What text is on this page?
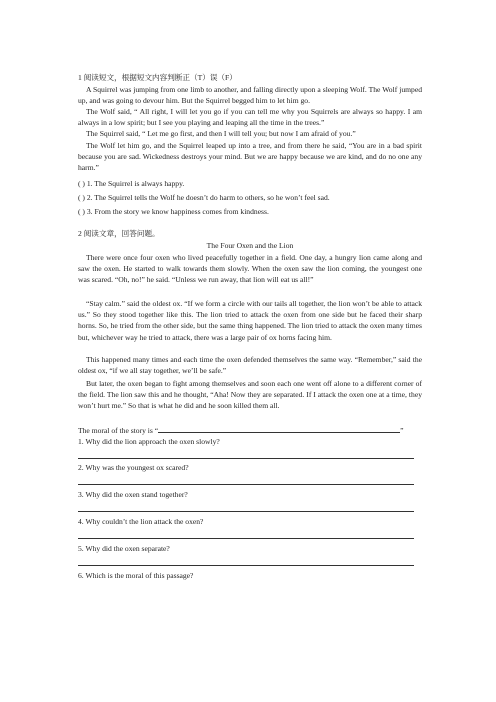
1 阅读短文，根据短文内容判断正（T）误（F）
A Squirrel was jumping from one limb to another, and falling directly upon a sleeping Wolf. The Wolf jumped up, and was going to devour him. But the Squirrel begged him to let him go.
The Wolf said, “ All right, I will let you go if you can tell me why you Squirrels are always so happy. I am always in a low spirit; but I see you playing and leaping all the time in the trees.”
The Squirrel said, “ Let me go first, and then I will tell you; but now I am afraid of you.”
The Wolf let him go, and the Squirrel leaped up into a tree, and from there he said, “You are in a bad spirit because you are sad. Wickedness destroys your mind. But we are happy because we are kind, and do no one any harm.”
( ) 1. The Squirrel is always happy.
( ) 2. The Squirrel tells the Wolf he doesn’t do harm to others, so he won’t feel sad.
( ) 3. From the story we know happiness comes from kindness.
2 阅读文章，回答问题。
The Four Oxen and the Lion
There were once four oxen who lived peacefully together in a field. One day, a hungry lion came along and saw the oxen. He started to walk towards them slowly. When the oxen saw the lion coming, the youngest one was scared. “Oh, no!” he said. “Unless we run away, that lion will eat us all!”
“Stay calm.” said the oldest ox. “If we form a circle with our tails all together, the lion won’t be able to attack us.” So they stood together like this. The lion tried to attack the oxen from one side but he faced their sharp horns. So, he tried from the other side, but the same thing happened. The lion tried to attack the oxen many times but, whichever way he tried to attack, there was a large pair of ox horns facing him.
This happened many times and each time the oxen defended themselves the same way. “Remember,” said the oldest ox, “if we all stay together, we’ll be safe.”
But later, the oxen began to fight among themselves and soon each one went off alone to a different corner of the field. The lion saw this and he thought, “Aha! Now they are separated. If I attack the oxen one at a time, they won’t hurt me.” So that is what he did and he soon killed them all.
The moral of the story is “	”
1. Why did the lion approach the oxen slowly?
2. Why was the youngest ox scared?
3. Why did the oxen stand together?
4. Why couldn’t the lion attack the oxen?
5. Why did the oxen separate?
6. Which is the moral of this passage?
